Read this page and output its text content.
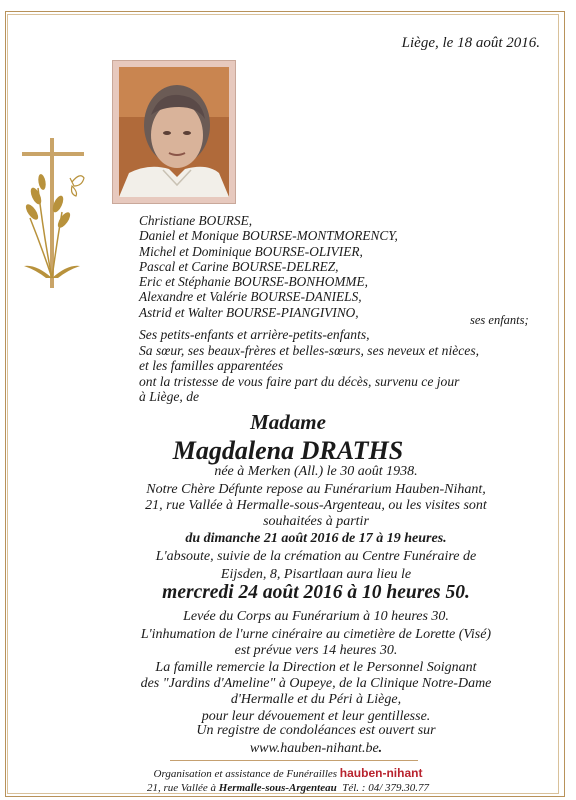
Liège, le 18 août 2016.
Christiane BOURSE,
Daniel et Monique BOURSE-MONTMORENCY,
Michel et Dominique BOURSE-OLIVIER,
Pascal et Carine BOURSE-DELREZ,
Eric et Stéphanie BOURSE-BONHOMME,
Alexandre et Valérie BOURSE-DANIELS,
Astrid et Walter BOURSE-PIANGIVINO,
ses enfants;
Ses petits-enfants et arrière-petits-enfants,
Sa sœur, ses beaux-frères et belles-sœurs, ses neveux et nièces,
et les familles apparentées
ont la tristesse de vous faire part du décès, survenu ce jour
à Liège, de
Madame
Magdalena DRATHS
née à Merken (All.) le 30 août 1938.
Notre Chère Défunte repose au Funérarium Hauben-Nihant,
21, rue Vallée à Hermalle-sous-Argenteau, ou les visites sont
souhaitées à partir
du dimanche 21 août 2016 de 17 à 19 heures.
L'absoute, suivie de la crémation au Centre Funéraire de
Eijsden, 8, Pisartlaan aura lieu le
mercredi 24 août 2016 à 10 heures 50.
Levée du Corps au Funérarium à 10 heures 30.
L'inhumation de l'urne cinéraire au cimetière de Lorette (Visé)
est prévue vers 14 heures 30.
La famille remercie la Direction et le Personnel Soignant
des "Jardins d'Ameline" à Oupeye, de la Clinique Notre-Dame
d'Hermalle et du Péri à Liège,
pour leur dévouement et leur gentillesse.
Un registre de condoléances est ouvert sur
www.hauben-nihant.be.
Organisation et assistance de Funérailles hauben-nihant
21, rue Vallée à Hermalle-sous-Argenteau Tél. : 04/ 379.30.77
